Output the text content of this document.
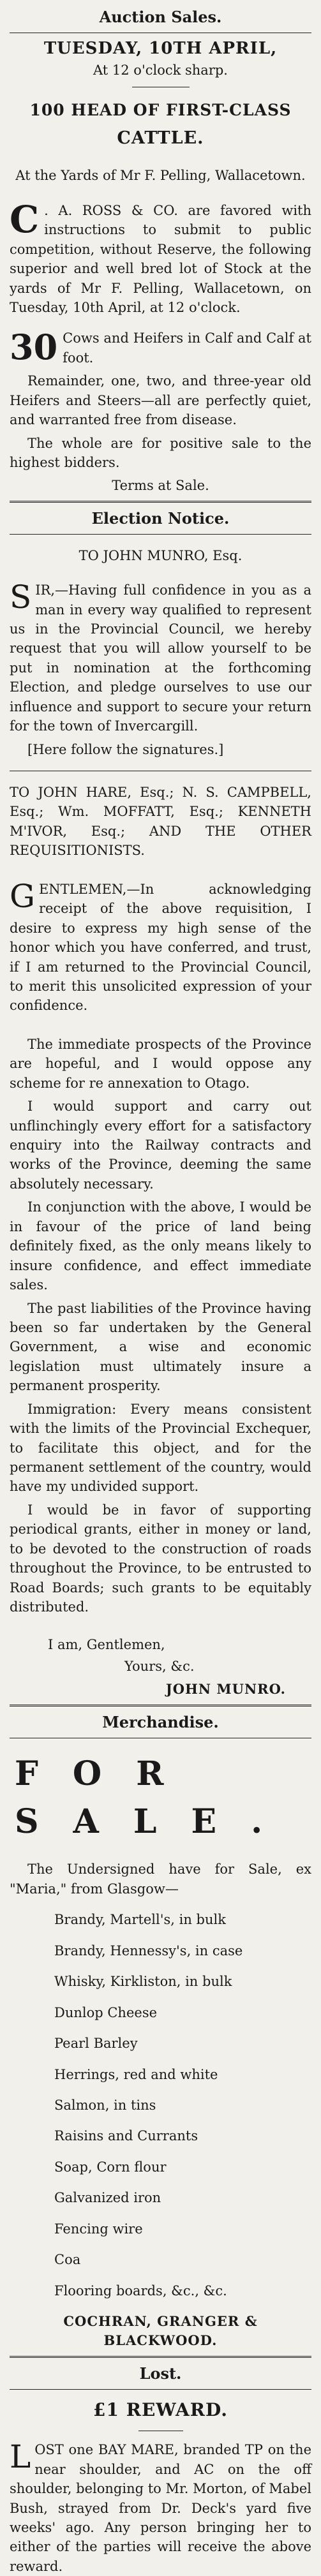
Auction Sales.
TUESDAY, 10TH APRIL,
At 12 o'clock sharp.
100 HEAD OF FIRST-CLASS
CATTLE.
At the Yards of Mr F. Pelling, Wallacetown.

C . A. ROSS & CO. are favored with instructions to submit to public competition, without Reserve, the following superior and well bred lot of Stock at the yards of Mr F. Pelling, Wallacetown, on Tuesday, 10th April, at 12 o'clock.

30 Cows and Heifers in Calf and Calf at foot.

Remainder, one, two, and three-year old Heifers and Steers—all are perfectly quiet, and warranted free from disease.

The whole are for positive sale to the highest bidders.

Terms at Sale.
Election Notice.
TO JOHN MUNRO, Esq.

SIR,—Having full confidence in you as a man in every way qualified to represent us in the Provincial Council, we hereby request that you will allow yourself to be put in nomination at the forthcoming Election, and pledge ourselves to use our influence and support to secure your return for the town of Invercargill.

[Here follow the signatures.]

TO JOHN HARE, Esq.; N. S. CAMPBELL, Esq.; Wm. MOFFATT, Esq.; KENNETH M'IVOR, Esq.; AND THE OTHER REQUISITIONISTS.

GENTLEMEN,—In acknowledging receipt of the above requisition, I desire to express my high sense of the honor which you have conferred, and trust, if I am returned to the Provincial Council, to merit this unsolicited expression of your confidence.

The immediate prospects of the Province are hopeful, and I would oppose any scheme for re annexation to Otago.

I would support and carry out unflinchingly every effort for a satisfactory enquiry into the Railway contracts and works of the Province, deeming the same absolutely necessary.

In conjunction with the above, I would be in favour of the price of land being definitely fixed, as the only means likely to insure confidence, and effect immediate sales.

The past liabilities of the Province having been so far undertaken by the General Government, a wise and economic legislation must ultimately insure a permanent prosperity.

Immigration: Every means consistent with the limits of the Provincial Exchequer, to facilitate this object, and for the permanent settlement of the country, would have my undivided support.

I would be in favor of supporting periodical grants, either in money or land, to be devoted to the construction of roads throughout the Province, to be entrusted to Road Boards; such grants to be equitably distributed.

I am, Gentlemen,
Yours, &c.
JOHN MUNRO.
Merchandise.
FOR SALE.

The Undersigned have for Sale, ex "Maria," from Glasgow—

Brandy, Martell's, in bulk
Brandy, Hennessy's, in case
Whisky, Kirkliston, in bulk
Dunlop Cheese
Pearl Barley
Herrings, red and white
Salmon, in tins
Raisins and Currants
Soap, Corn flour
Galvanized iron
Fencing wire
Coa
Flooring boards, &c., &c.
COCHRAN, GRANGER & BLACKWOOD.
Lost.
£1 REWARD.

LOST one BAY MARE, branded TP on the near shoulder, and AC on the off shoulder, belonging to Mr. Morton, of Mabel Bush, strayed from Dr. Deck's yard five weeks' ago. Any person bringing her to either of the parties will receive the above reward.
